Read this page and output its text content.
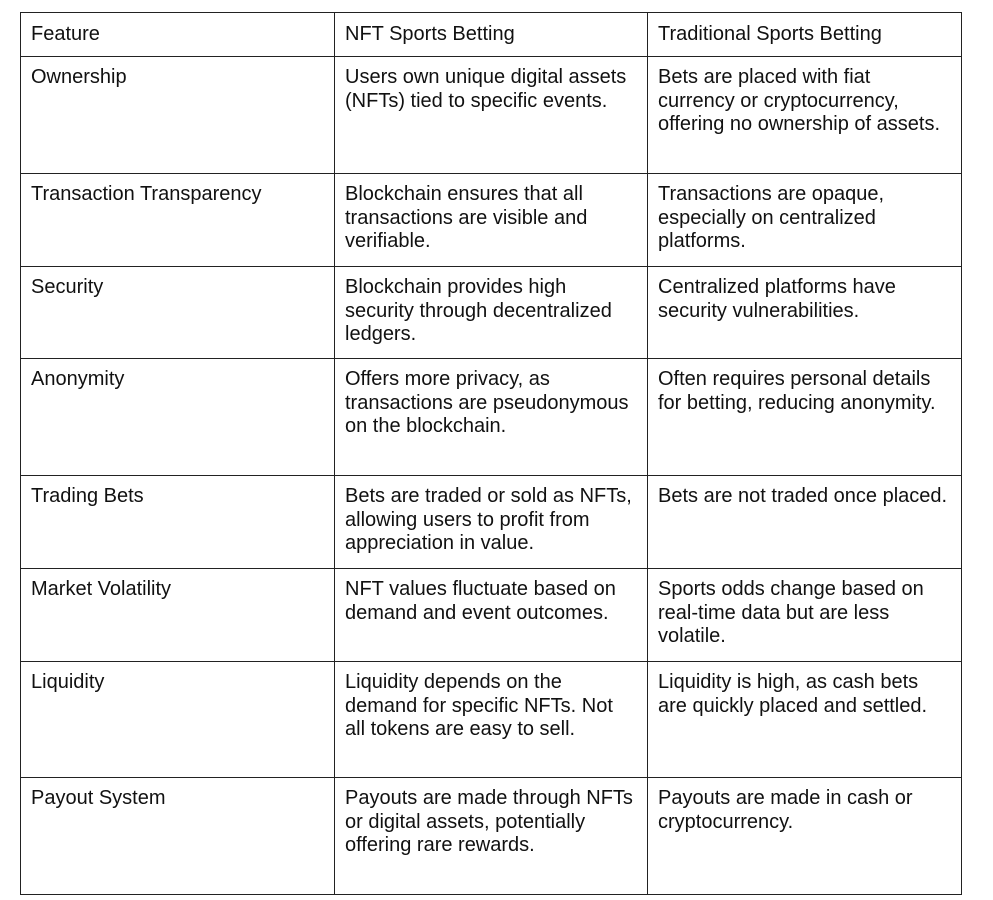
Feature	NFT Sports Betting	Traditional Sports Betting
Ownership	Users own unique digital assets (NFTs) tied to specific events.	Bets are placed with fiat currency or cryptocurrency, offering no ownership of assets.
Transaction Transparency	Blockchain ensures that all transactions are visible and verifiable.	Transactions are opaque, especially on centralized platforms.
Security	Blockchain provides high security through decentralized ledgers.	Centralized platforms have security vulnerabilities.
Anonymity	Offers more privacy, as transactions are pseudonymous on the blockchain.	Often requires personal details for betting, reducing anonymity.
Trading Bets	Bets are traded or sold as NFTs, allowing users to profit from appreciation in value.	Bets are not traded once placed.
Market Volatility	NFT values fluctuate based on demand and event outcomes.	Sports odds change based on real-time data but are less volatile.
Liquidity	Liquidity depends on the demand for specific NFTs. Not all tokens are easy to sell.	Liquidity is high, as cash bets are quickly placed and settled.
Payout System	Payouts are made through NFTs or digital assets, potentially offering rare rewards.	Payouts are made in cash or cryptocurrency.
